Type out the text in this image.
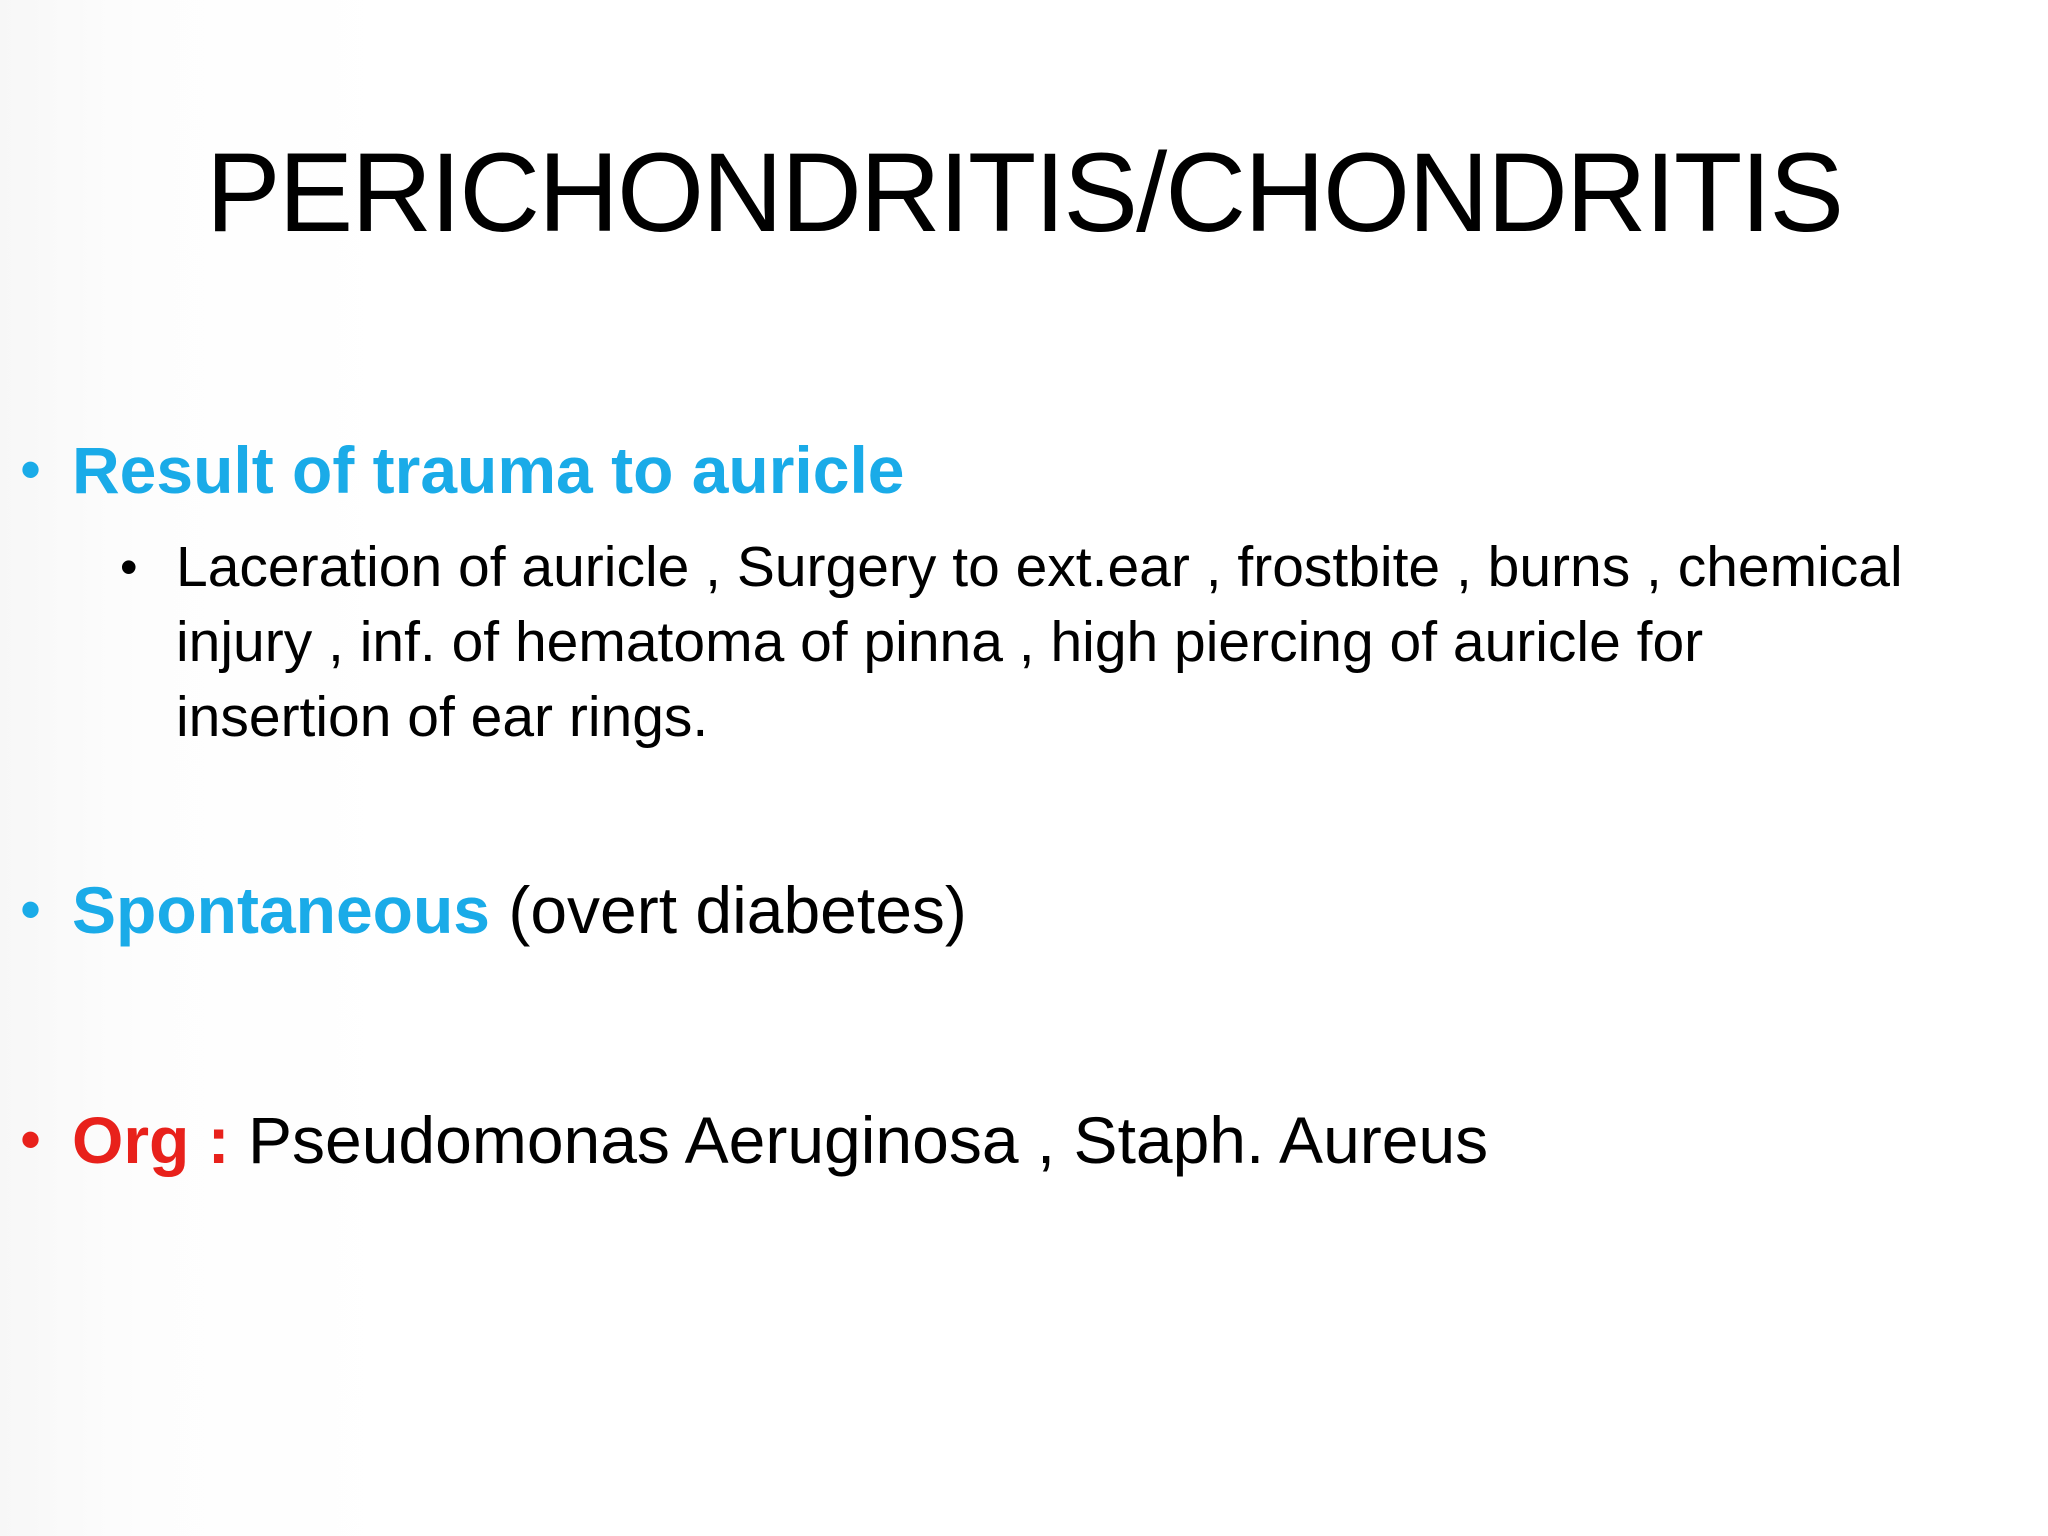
PERICHONDRITIS/CHONDRITIS
• Result of trauma to auricle
• Laceration of auricle , Surgery to ext.ear , frostbite , burns , chemical injury , inf. of hematoma of pinna , high piercing of auricle for insertion of ear rings.
• Spontaneous (overt diabetes)
• Org : Pseudomonas Aeruginosa , Staph. Aureus
